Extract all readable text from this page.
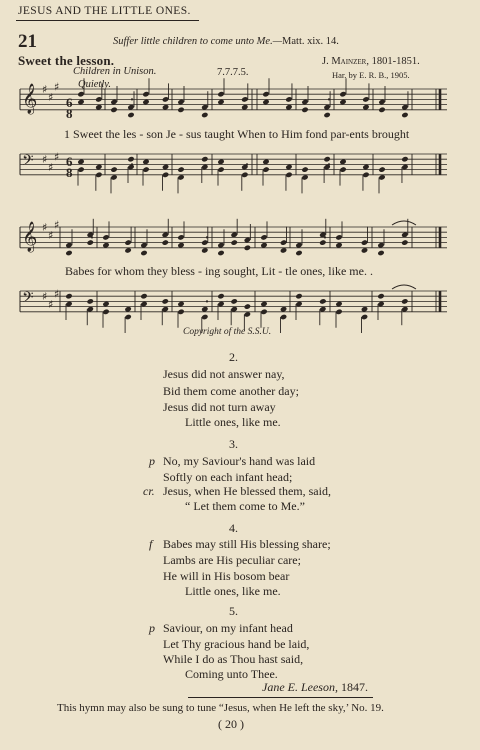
JESUS AND THE LITTLE ONES.
21	Suffer little children to come unto Me.—Matt. xix. 14.
Sweet the lesson.	J. Mainzer, 1801-1851.
Har. by E. R. B., 1905.
Children in Unison.	7.7.7.5.
Quietly.
𝄞 ♯
♯
♯
𝄢 ♯
♯
♯
𝄞 ♯
♯
♯
𝄢 ♯
♯
♯
6
8
6
8
1 Sweet the les - son Je - sus taught When to Him fond par-ents brought
Babes for whom they bless - ing sought, Lit - tle ones, like me. .
Copyright of the S.S.U.
2.
Jesus did not answer nay,
Bid them come another day;
Jesus did not turn away
Little ones, like me.
3.
p No, my Saviour's hand was laid
Softly on each infant head;
cr. Jesus, when He blessed them, said,
“ Let them come to Me.”
4.
f Babes may still His blessing share;
Lambs are His peculiar care;
He will in His bosom bear
Little ones, like me.
5.
p Saviour, on my infant head
Let Thy gracious hand be laid,
While I do as Thou hast said,
Coming unto Thee.
Jane E. Leeson, 1847.
This hymn may also be sung to tune “Jesus, when He left the sky,’ No. 19.
( 20 )
